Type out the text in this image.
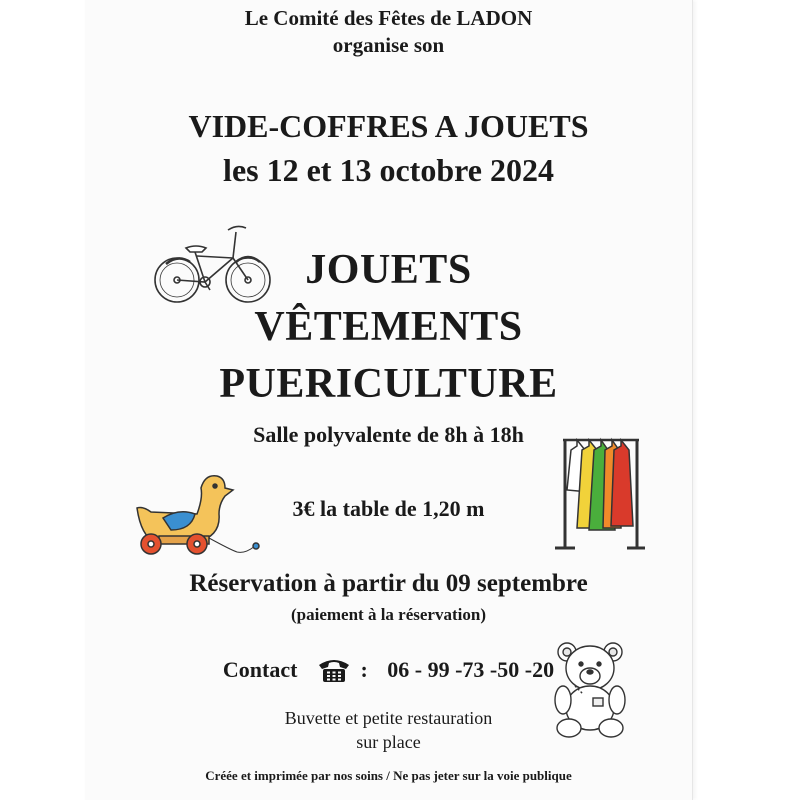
Le Comité des Fêtes de LADON
organise son
VIDE-COFFRES A JOUETS
les 12 et 13 octobre 2024
JOUETS
VÊTEMENTS
PUERICULTURE
Salle polyvalente de 8h à 18h
3€ la table de 1,20 m
Réservation à partir du 09 septembre
(paiement à la réservation)
Contact	: 06 - 99 -73 -50 -20
Buvette et petite restauration
sur place
Créée et imprimée par nos soins / Ne pas jeter sur la voie publique
